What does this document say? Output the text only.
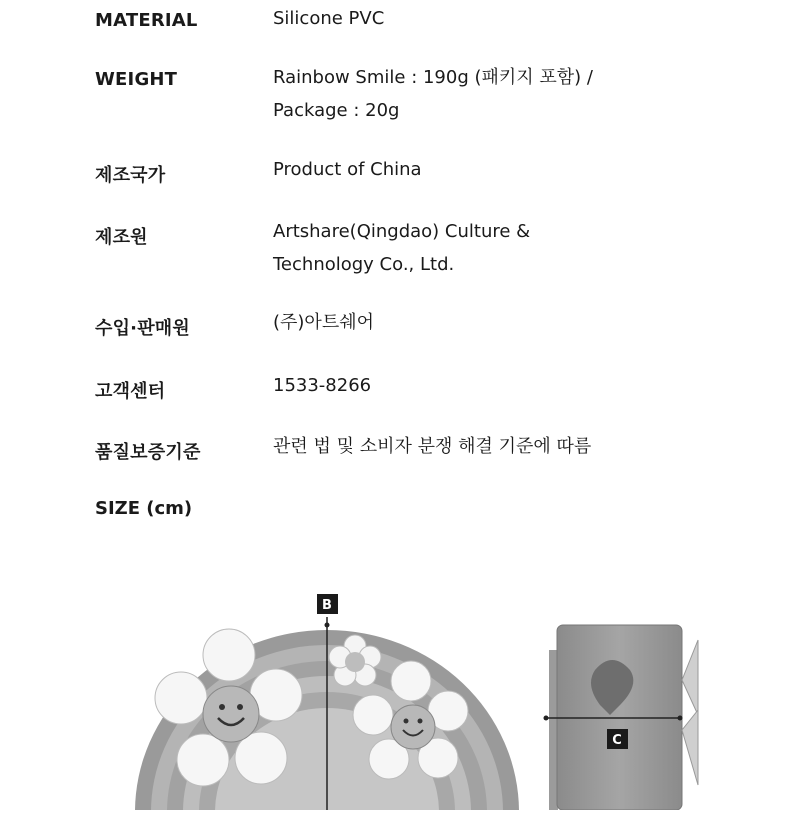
MATERIAL	Silicone PVC
WEIGHT	Rainbow Smile : 190g (패키지 포함) /
Package : 20g
제조국가	Product of China
제조원	Artshare(Qingdao) Culture &
Technology Co., Ltd.
수입·판매원	(주)아트쉐어
고객센터	1533-8266
품질보증기준	관련 법 및 소비자 분쟁 해결 기준에 따름
SIZE (cm)
B
C
